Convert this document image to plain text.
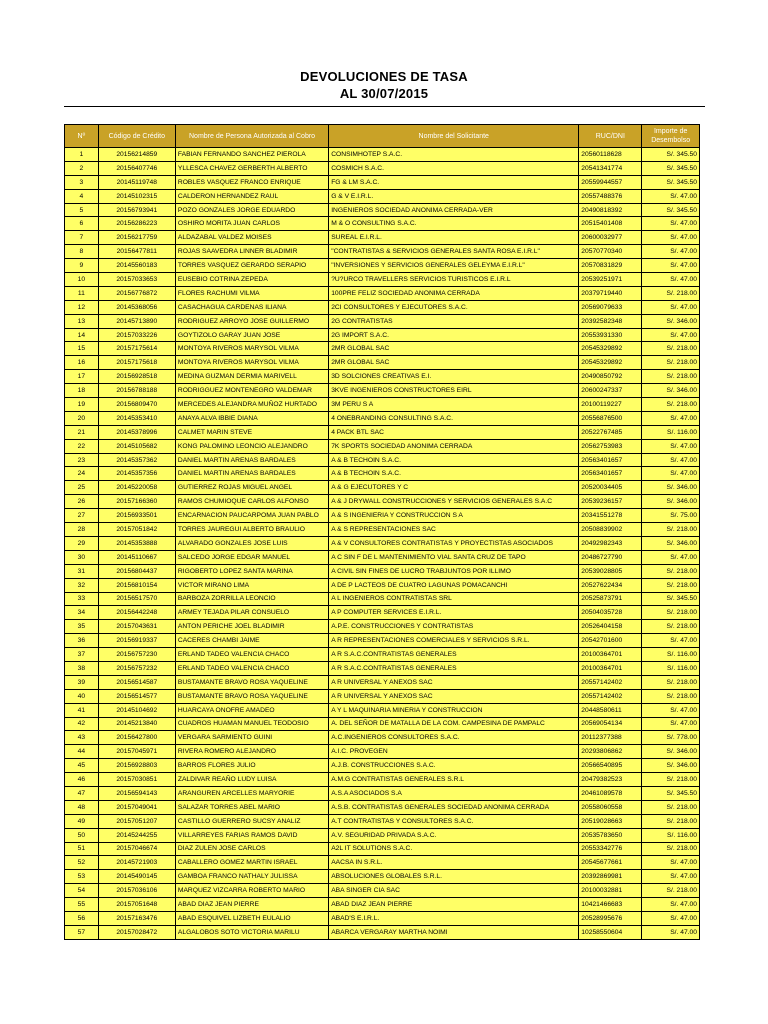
DEVOLUCIONES DE TASA
AL 30/07/2015
Nº	Código de Crédito	Nombre de Persona Autorizada al Cobro	Nombre del Solicitante	RUC/DNI	Importe de Desembolso
1	20156214859	FABIAN FERNANDO SANCHEZ PIEROLA	CONSIMHOTEP S.A.C.	20560118628	S/. 345.50
2	20156407746	YLLESCA CHAVEZ GERBERTH ALBERTO	COSMICH S.A.C.	20541341774	S/. 345.50
3	20145119748	ROBLES VASQUEZ FRANCO ENRIQUE	FG & LM S.A.C.	20559944557	S/. 345.50
4	20145102315	CALDERON HERNANDEZ RAUL	G & V E.I.R.L.	20557488376	S/. 47.00
5	20156793941	POZO GONZALES JORGE EDUARDO	INGENIEROS SOCIEDAD ANONIMA CERRADA-VER	20490818392	S/. 345.50
6	20156286223	OSHIRO MORITA JUAN CARLOS	M & O CONSULTING S.A.C.	20515401408	S/. 47.00
7	20156217759	ALDAZABAL VALDEZ MOISES	SUREAL E.I.R.L.	20600032977	S/. 47.00
8	20156477811	ROJAS SAAVEDRA LINNER BLADIMIR	"CONTRATISTAS & SERVICIOS GENERALES SANTA ROSA E.I.R.L"	20570770340	S/. 47.00
9	20145560183	TORRES VASQUEZ GERARDO SERAPIO	"INVERSIONES Y SERVICIOS GENERALES GELEYMA E.I.R.L"	20570831829	S/. 47.00
10	20157033653	EUSEBIO COTRINA ZEPEDA	?U?URCO TRAVELLERS SERVICIOS TURISTICOS E.I.R.L	20539251971	S/. 47.00
11	20156776872	FLORES RACHUMI VILMA	100PRE FELIZ SOCIEDAD ANONIMA CERRADA	20379719440	S/. 218.00
12	20145368056	CASACHAGUA CARDENAS ILIANA	2CI CONSULTORES Y EJECUTORES S.A.C.	20569079633	S/. 47.00
13	20145713890	RODRIGUEZ ARROYO JOSE GUILLERMO	2G CONTRATISTAS	20392582348	S/. 346.00
14	20157033226	GOYTIZOLO GARAY JUAN JOSE	2G IMPORT S.A.C.	20553931330	S/. 47.00
15	20157175614	MONTOYA RIVEROS MARYSOL VILMA	2MR GLOBAL SAC	20545329892	S/. 218.00
16	20157175618	MONTOYA RIVEROS MARYSOL VILMA	2MR GLOBAL SAC	20545329892	S/. 218.00
17	20156928518	MEDINA GUZMAN DERMIA MARIVELL	3D SOLCIONES CREATIVAS E.I.	20490850792	S/. 218.00
18	20156788188	RODRIGGUEZ MONTENEGRO VALDEMAR	3KVE INGENIEROS CONSTRUCTORES EIRL	20600247337	S/. 346.00
19	20156809470	MERCEDES ALEJANDRA MUÑOZ HURTADO	3M PERU S A	20100119227	S/. 218.00
20	20145353410	ANAYA ALVA IBBIE DIANA	4 ONEBRANDING CONSULTING S.A.C.	20556876500	S/. 47.00
21	20145378996	CALMET MARIN STEVE	4 PACK BTL SAC	20522767485	S/. 116.00
22	20145105682	KONG PALOMINO LEONCIO ALEJANDRO	7K SPORTS SOCIEDAD ANONIMA CERRADA	20562753983	S/. 47.00
23	20145357362	DANIEL MARTIN ARENAS BARDALES	A & B TECHOIN S.A.C.	20563401657	S/. 47.00
24	20145357356	DANIEL MARTIN ARENAS BARDALES	A & B TECHOIN S.A.C.	20563401657	S/. 47.00
25	20145220058	GUTIERREZ ROJAS MIGUEL ANGEL	A & G EJECUTORES Y C	20520034405	S/. 346.00
26	20157166360	RAMOS CHUMIOQUE CARLOS ALFONSO	A & J DRYWALL CONSTRUCCIONES Y SERVICIOS GENERALES S.A.C	20539236157	S/. 346.00
27	20156933501	ENCARNACION PAUCARPOMA JUAN PABLO	A & S INGENIERIA Y CONSTRUCCION S A	20341551278	S/. 75.00
28	20157051842	TORRES JAUREGUI ALBERTO BRAULIO	A & S REPRESENTACIONES SAC	20508839902	S/. 218.00
29	20145353888	ALVARADO GONZALES JOSE LUIS	A & V CONSULTORES CONTRATISTAS Y PROYECTISTAS ASOCIADOS	20492982343	S/. 346.00
30	20145110667	SALCEDO JORGE EDGAR MANUEL	A C SIN F DE L MANTENIMIENTO VIAL SANTA CRUZ DE TAPO	20486727790	S/. 47.00
31	20156804437	RIGOBERTO LOPEZ SANTA MARINA	A CIVIL SIN FINES DE LUCRO TRABJUNTOS POR ILLIMO	20539028805	S/. 218.00
32	20156810154	VICTOR MIRANO LIMA	A DE P LACTEOS DE CUATRO LAGUNAS POMACANCHI	20527622434	S/. 218.00
33	20156517570	BARBOZA ZORRILLA LEONCIO	A L INGENIEROS CONTRATISTAS SRL	20525873791	S/. 345.50
34	20156442248	ARMEY TEJADA PILAR CONSUELO	A P COMPUTER SERVICES E.I.R.L.	20504035728	S/. 218.00
35	20157043631	ANTON PERICHE JOEL BLADIMIR	A.P.E. CONSTRUCCIONES Y CONTRATISTAS	20526404158	S/. 218.00
36	20156919337	CACERES CHAMBI JAIME	A R REPRESENTACIONES COMERCIALES Y SERVICIOS S.R.L.	20542701600	S/. 47.00
37	20156757230	ERLAND TADEO VALENCIA CHACO	A R S.A.C.CONTRATISTAS GENERALES	20100364701	S/. 116.00
38	20156757232	ERLAND TADEO VALENCIA CHACO	A R S.A.C.CONTRATISTAS GENERALES	20100364701	S/. 116.00
39	20156514587	BUSTAMANTE BRAVO ROSA YAQUELINE	A R UNIVERSAL Y ANEXOS SAC	20557142402	S/. 218.00
40	20156514577	BUSTAMANTE BRAVO ROSA YAQUELINE	A R UNIVERSAL Y ANEXOS SAC	20557142402	S/. 218.00
41	20145104692	HUARCAYA ONOFRE AMADEO	A Y L MAQUINARIA MINERIA Y CONSTRUCCION	20448580611	S/. 47.00
42	20145213840	CUADROS HUAMAN MANUEL TEODOSIO	A. DEL SEÑOR DE MATALLA DE LA COM. CAMPESINA DE PAMPALC	20569054134	S/. 47.00
43	20156427800	VERGARA SARMIENTO GUINI	A.C.INGENIEROS CONSULTORES S.A.C.	20112377388	S/. 778.00
44	20157045971	RIVERA ROMERO ALEJANDRO	A.I.C. PROVEGEN	20293806862	S/. 346.00
45	20156928803	BARROS FLORES JULIO	A.J.B. CONSTRUCCIONES S.A.C.	20566540895	S/. 346.00
46	20157030851	ZALDIVAR REAÑO LUDY LUISA	A.M.G CONTRATISTAS GENERALES S.R.L	20479382523	S/. 218.00
47	20156594143	ARANGUREN ARCELLES MARYORIE	A.S.A ASOCIADOS S.A	20461089578	S/. 345.50
48	20157049041	SALAZAR TORRES ABEL MARIO	A.S.B. CONTRATISTAS GENERALES SOCIEDAD ANONIMA CERRADA	20558060558	S/. 218.00
49	20157051207	CASTILLO GUERRERO SUCSY ANALIZ	A.T CONTRATISTAS Y CONSULTORES S.A.C.	20519028663	S/. 218.00
50	20145244255	VILLARREYES FARIAS RAMOS DAVID	A.V. SEGURIDAD PRIVADA S.A.C.	20535783650	S/. 116.00
51	20157046674	DIAZ ZULEN JOSE CARLOS	A2L IT SOLUTIONS S.A.C.	20553342776	S/. 218.00
52	20145721903	CABALLERO GOMEZ MARTIN ISRAEL	AACSA IN S.R.L.	20545677661	S/. 47.00
53	20145490145	GAMBOA FRANCO NATHALY JULISSA	ABSOLUCIONES GLOBALES S.R.L.	20392869981	S/. 47.00
54	20157036106	MARQUEZ VIZCARRA ROBERTO MARIO	ABA SINGER CIA SAC	20100032881	S/. 218.00
55	20157051648	ABAD DIAZ JEAN PIERRE	ABAD DIAZ JEAN PIERRE	10421466683	S/. 47.00
56	20157163476	ABAD ESQUIVEL LIZBETH EULALIO	ABAD'S E.I.R.L.	20528995676	S/. 47.00
57	20157028472	ALGALOBOS SOTO VICTORIA MARILU	ABARCA VERGARAY MARTHA NOIMI	10258550604	S/. 47.00
